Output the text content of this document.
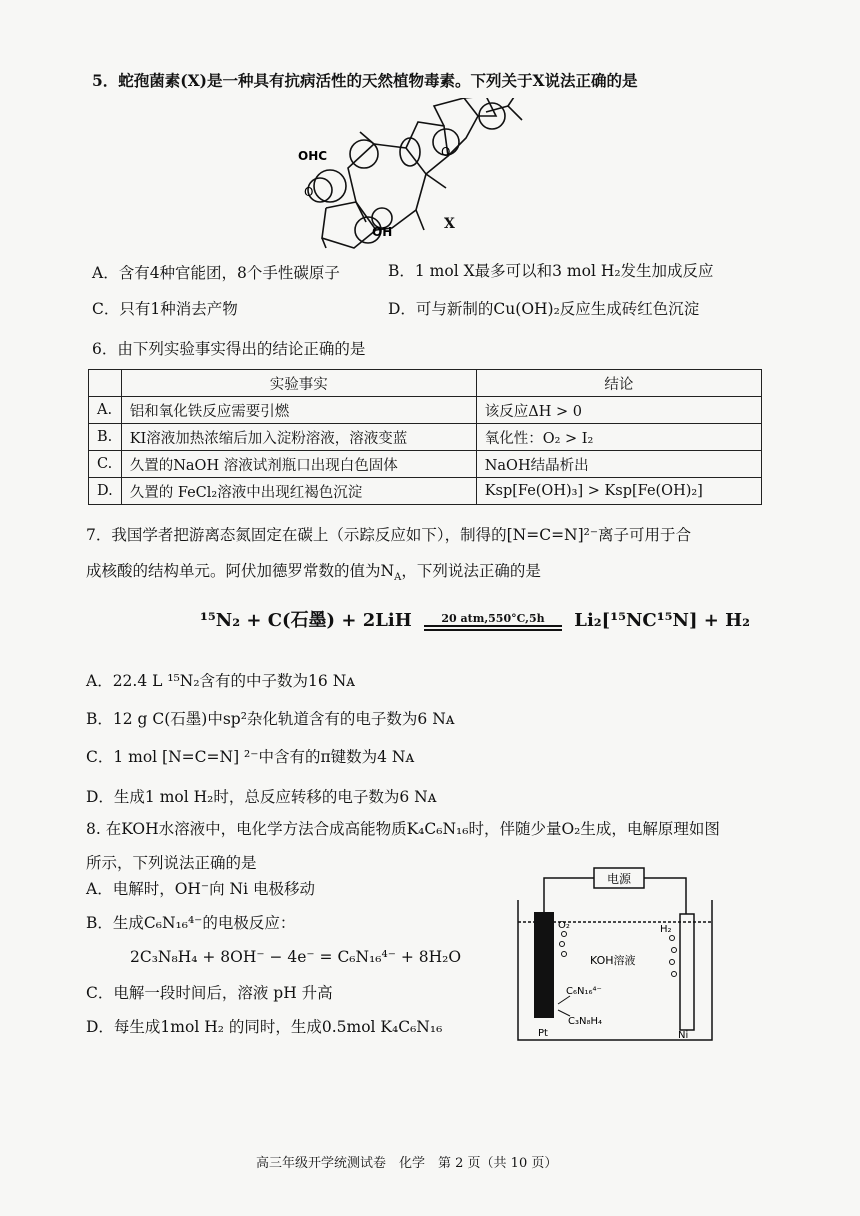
5．蛇孢菌素(X)是一种具有抗病活性的天然植物毒素。下列关于X说法正确的是
OHC
O
O
OH	X
A．含有4种官能团，8个手性碳原子	B．1 mol X最多可以和3 mol H₂发生加成反应
C．只有1种消去产物	D．可与新制的Cu(OH)₂反应生成砖红色沉淀
6．由下列实验事实得出的结论正确的是
	实验事实	结论
A.	铝和氧化铁反应需要引燃	该反应ΔH > 0
B.	KI溶液加热浓缩后加入淀粉溶液，溶液变蓝	氧化性：O₂ > I₂
C.	久置的NaOH 溶液试剂瓶口出现白色固体	NaOH结晶析出
D.	久置的 FeCl₂溶液中出现红褐色沉淀	Ksp[Fe(OH)₃] > Ksp[Fe(OH)₂]
7．我国学者把游离态氮固定在碳上（示踪反应如下），制得的[N=C=N]²⁻离子可用于合
成核酸的结构单元。阿伏加德罗常数的值为$N_A$，下列说法正确的是
¹⁵N₂ + C(石墨) + 2LiH	20 atm,550°C,5h	Li₂[¹⁵NC¹⁵N] + H₂
A．22.4 L ¹⁵N₂含有的中子数为16 Nᴀ
B．12 g C(石墨)中sp²杂化轨道含有的电子数为6 Nᴀ
C．1 mol [N=C=N] ²⁻中含有的π键数为4 Nᴀ
D．生成1 mol H₂时，总反应转移的电子数为6 Nᴀ
8. 在KOH水溶液中，电化学方法合成高能物质K₄C₆N₁₆时，伴随少量O₂生成，电解原理如图
所示，下列说法正确的是
A．电解时，OH⁻向 Ni 电极移动
B．生成C₆N₁₆⁴⁻的电极反应：
2C₃N₈H₄ + 8OH⁻ − 4e⁻ = C₆N₁₆⁴⁻ + 8H₂O
C．电解一段时间后，溶液 pH 升高
D．每生成1mol H₂ 的同时，生成0.5mol K₄C₆N₁₆
电源
O₂	H₂
KOH溶液
C₆N₁₆⁴⁻
C₃N₈H₄
Pt	Ni
高三年级开学统测试卷　化学　第 2 页（共 10 页）
